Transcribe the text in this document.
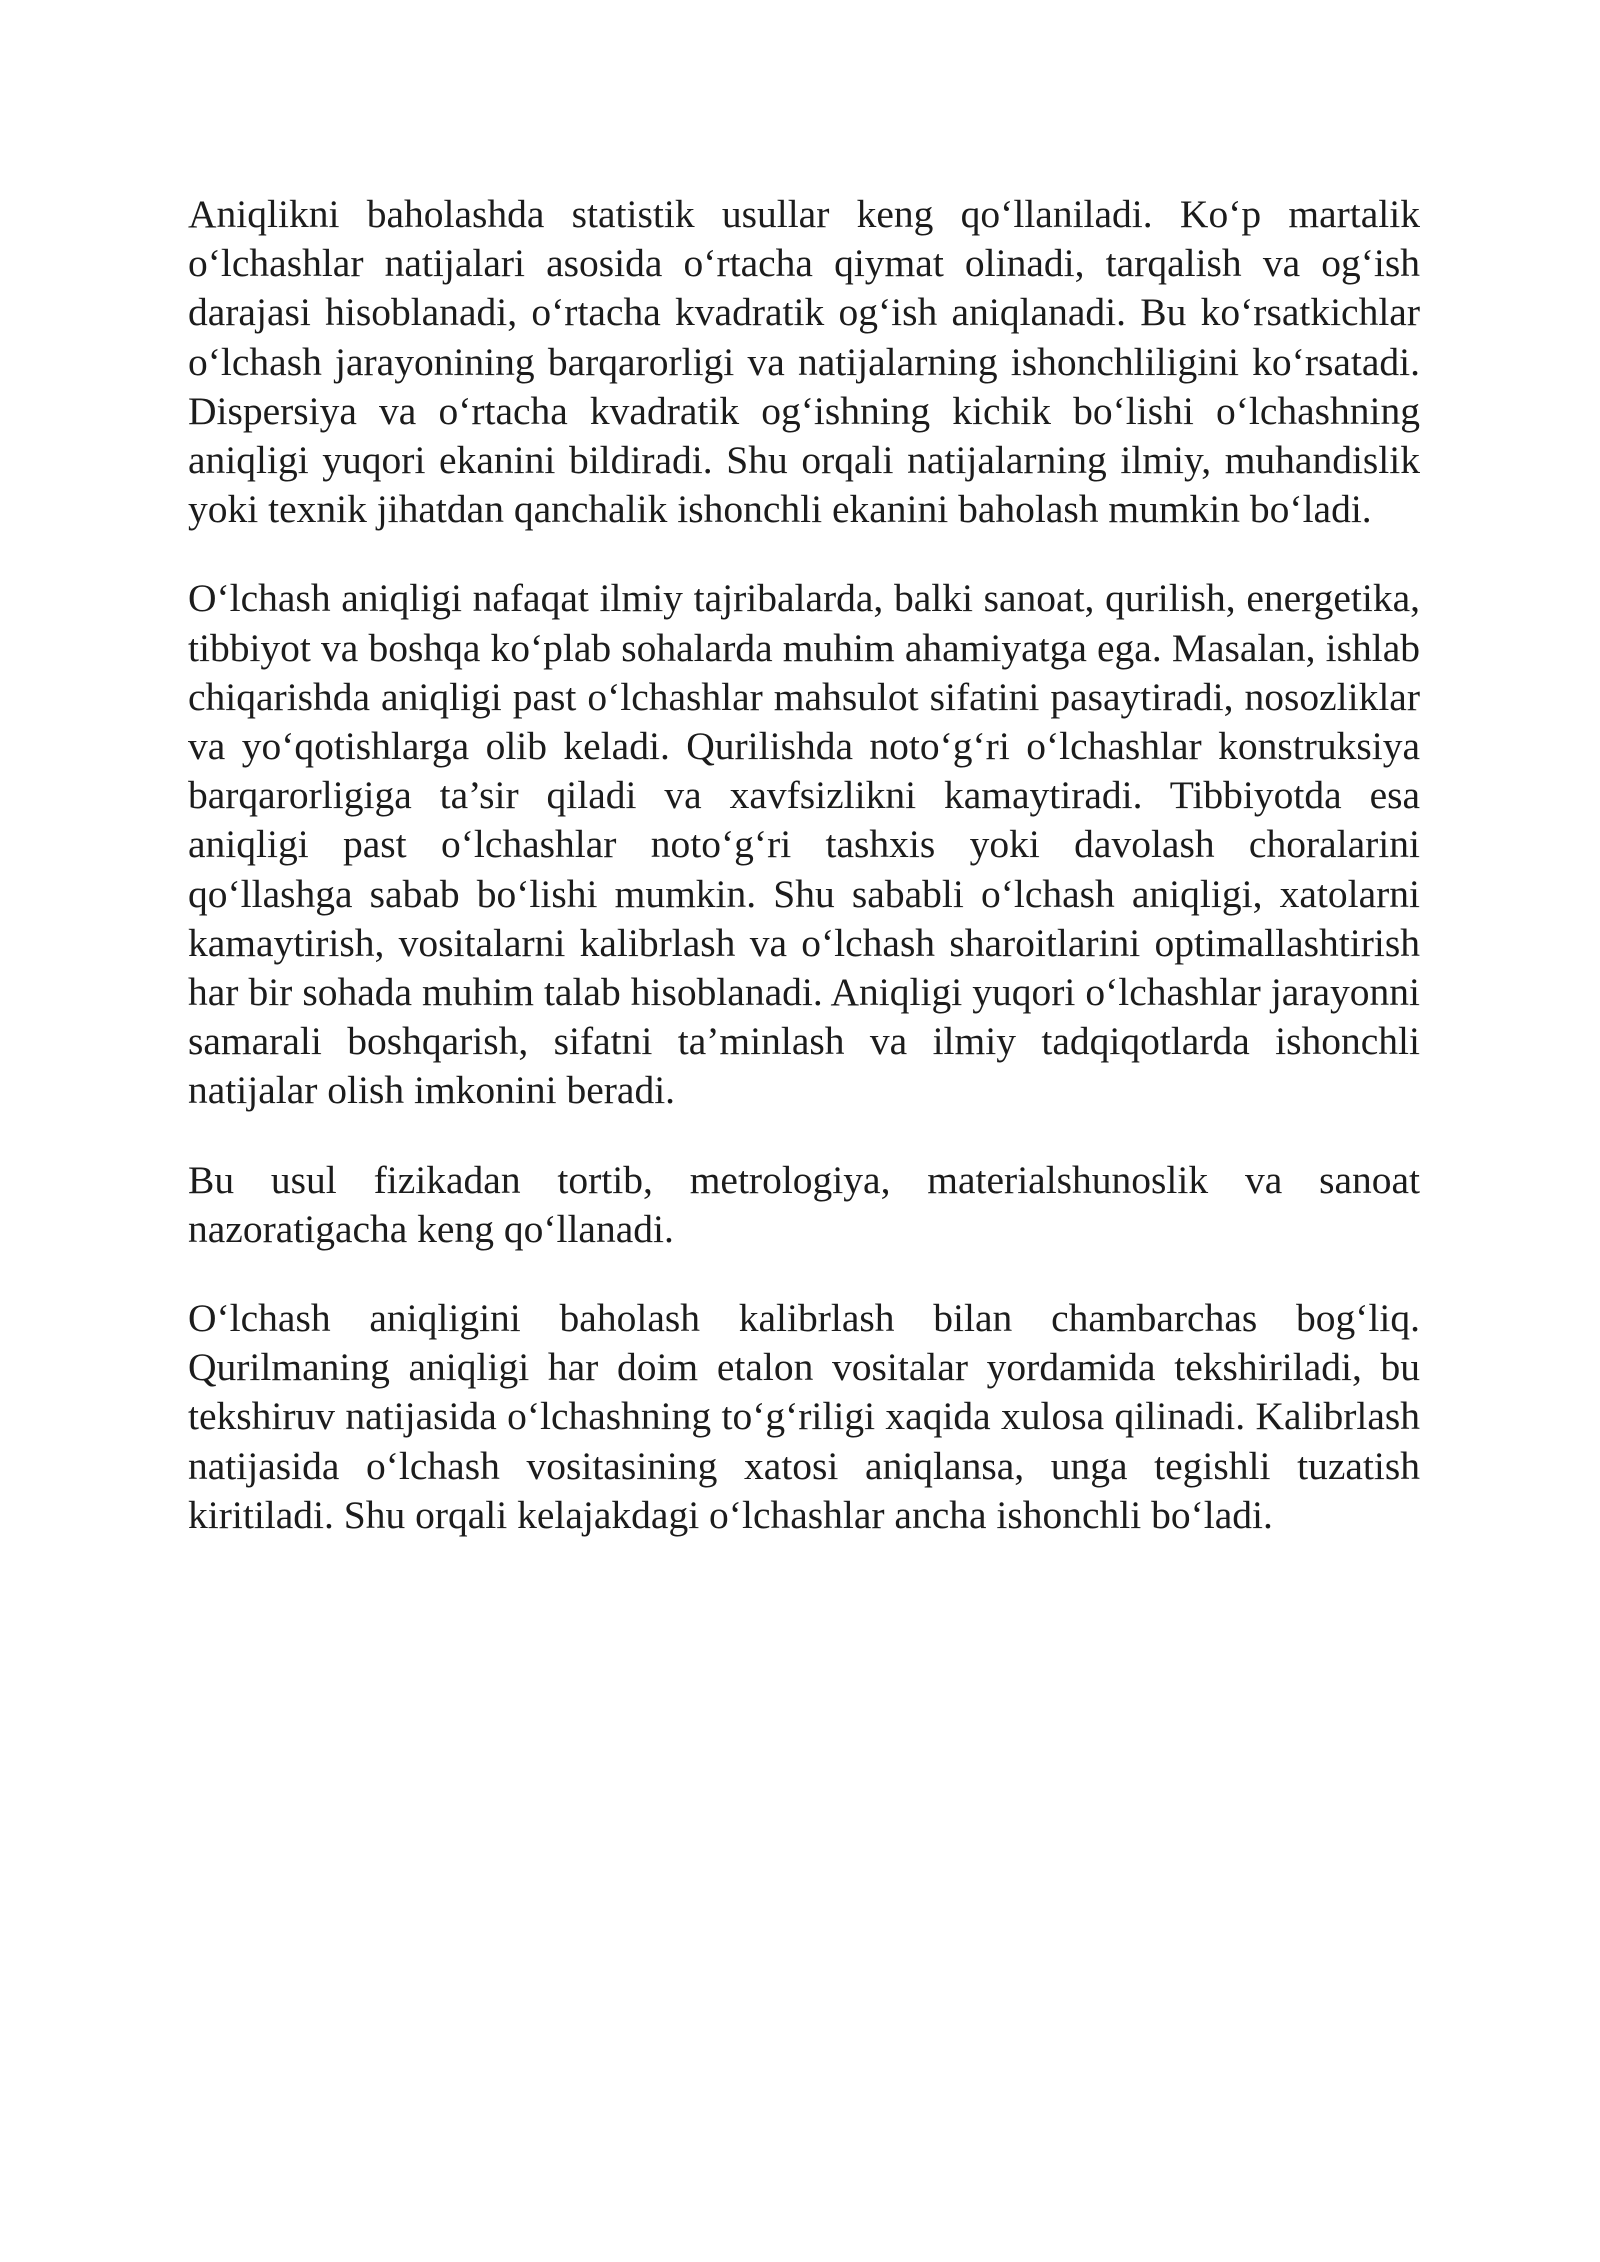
Aniqlikni baholashda statistik usullar keng qo‘llaniladi. Ko‘p martalik o‘lchashlar natijalari asosida o‘rtacha qiymat olinadi, tarqalish va og‘ish darajasi hisoblanadi, o‘rtacha kvadratik og‘ish aniqlanadi. Bu ko‘rsatkichlar o‘lchash jarayonining barqarorligi va natijalarning ishonchliligini ko‘rsatadi. Dispersiya va o‘rtacha kvadratik og‘ishning kichik bo‘lishi o‘lchashning aniqligi yuqori ekanini bildiradi. Shu orqali natijalarning ilmiy, muhandislik yoki texnik jihatdan qanchalik ishonchli ekanini baholash mumkin bo‘ladi.

O‘lchash aniqligi nafaqat ilmiy tajribalarda, balki sanoat, qurilish, energetika, tibbiyot va boshqa ko‘plab sohalarda muhim ahamiyatga ega. Masalan, ishlab chiqarishda aniqligi past o‘lchashlar mahsulot sifatini pasaytiradi, nosozliklar va yo‘qotishlarga olib keladi. Qurilishda noto‘g‘ri o‘lchashlar konstruksiya barqarorligiga ta’sir qiladi va xavfsizlikni kamaytiradi. Tibbiyotda esa aniqligi past o‘lchashlar noto‘g‘ri tashxis yoki davolash choralarini qo‘llashga sabab bo‘lishi mumkin. Shu sababli o‘lchash aniqligi, xatolarni kamaytirish, vositalarni kalibrlash va o‘lchash sharoitlarini optimallashtirish har bir sohada muhim talab hisoblanadi. Aniqligi yuqori o‘lchashlar jarayonni samarali boshqarish, sifatni ta’minlash va ilmiy tadqiqotlarda ishonchli natijalar olish imkonini beradi.

Bu usul fizikadan tortib, metrologiya, materialshunoslik va sanoat nazoratigacha keng qo‘llanadi.

O‘lchash aniqligini baholash kalibrlash bilan chambarchas bog‘liq. Qurilmaning aniqligi har doim etalon vositalar yordamida tekshiriladi, bu tekshiruv natijasida o‘lchashning to‘g‘riligi xaqida xulosa qilinadi. Kalibrlash natijasida o‘lchash vositasining xatosi aniqlansa, unga tegishli tuzatish kiritiladi. Shu orqali kelajakdagi o‘lchashlar ancha ishonchli bo‘ladi.
